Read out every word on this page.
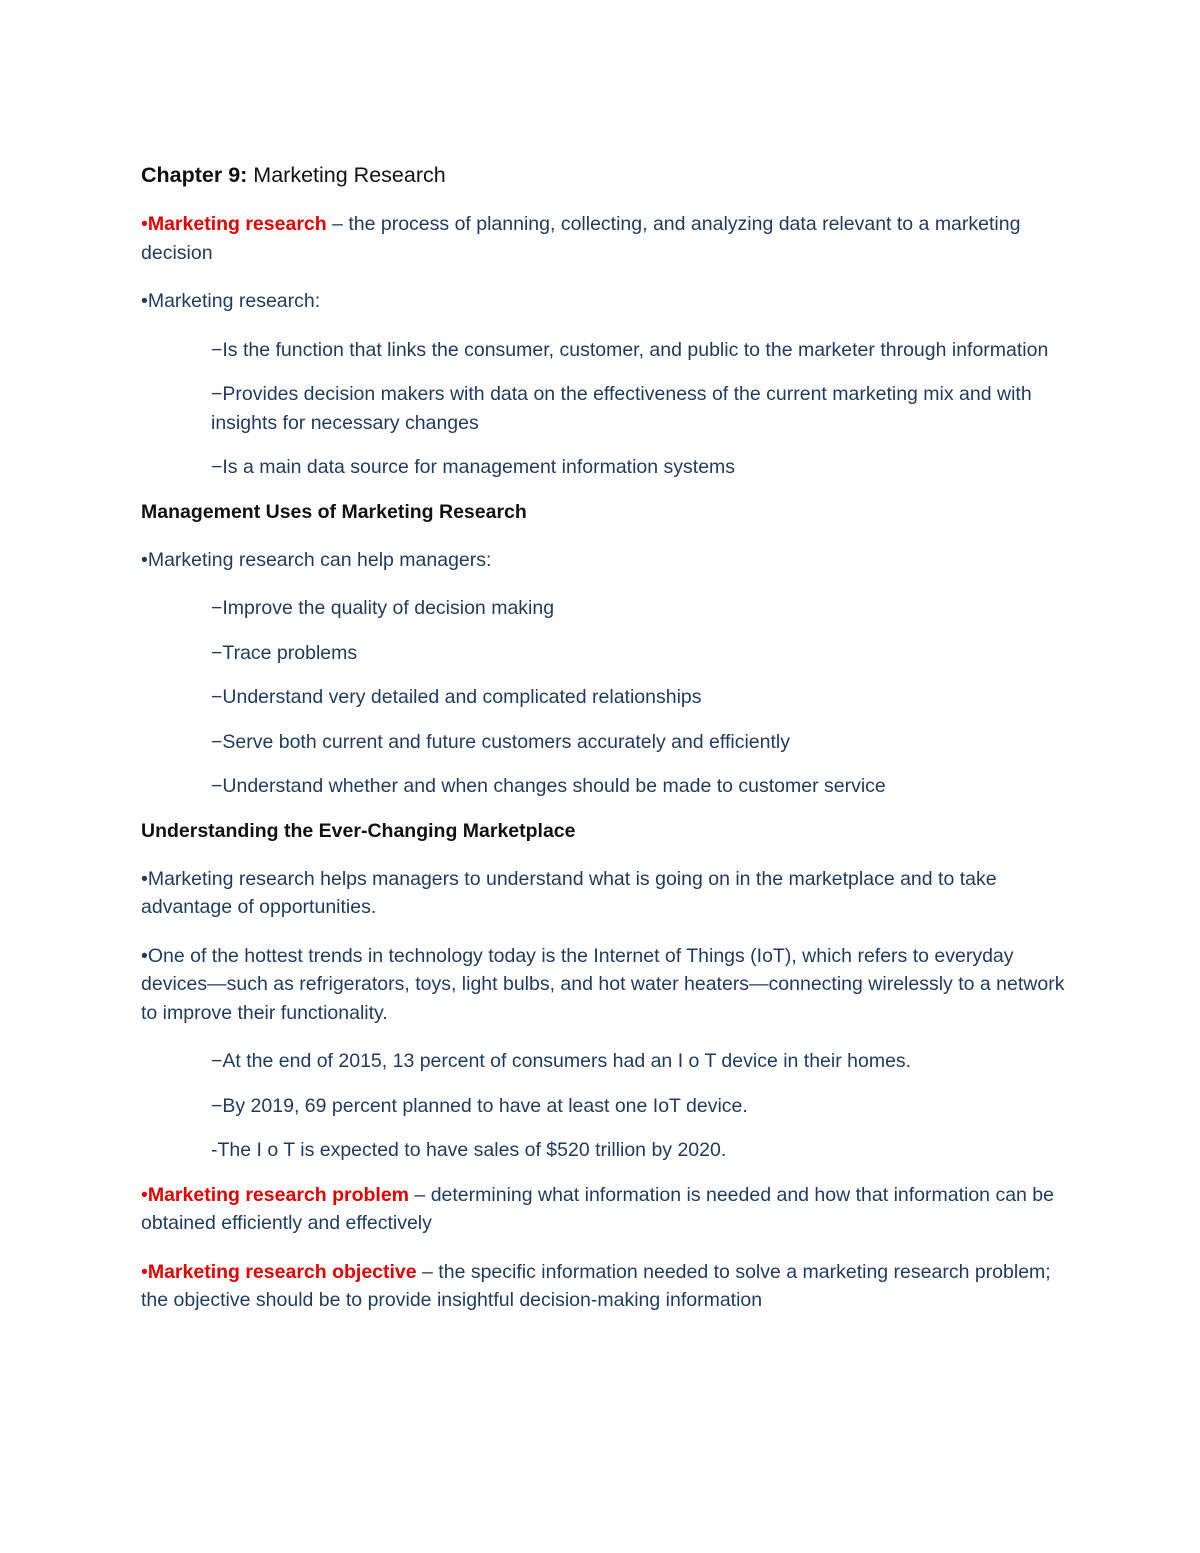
Chapter 9: Marketing Research
•Marketing research – the process of planning, collecting, and analyzing data relevant to a marketing decision
•Marketing research:
−Is the function that links the consumer, customer, and public to the marketer through information
−Provides decision makers with data on the effectiveness of the current marketing mix and with insights for necessary changes
−Is a main data source for management information systems
Management Uses of Marketing Research
•Marketing research can help managers:
−Improve the quality of decision making
−Trace problems
−Understand very detailed and complicated relationships
−Serve both current and future customers accurately and efficiently
−Understand whether and when changes should be made to customer service
Understanding the Ever-Changing Marketplace
•Marketing research helps managers to understand what is going on in the marketplace and to take advantage of opportunities.
•One of the hottest trends in technology today is the Internet of Things (IoT), which refers to everyday devices—such as refrigerators, toys, light bulbs, and hot water heaters—connecting wirelessly to a network to improve their functionality.
−At the end of 2015, 13 percent of consumers had an I o T device in their homes.
−By 2019, 69 percent planned to have at least one IoT device.
-The I o T is expected to have sales of $520 trillion by 2020.
•Marketing research problem – determining what information is needed and how that information can be obtained efficiently and effectively
•Marketing research objective – the specific information needed to solve a marketing research problem; the objective should be to provide insightful decision-making information
